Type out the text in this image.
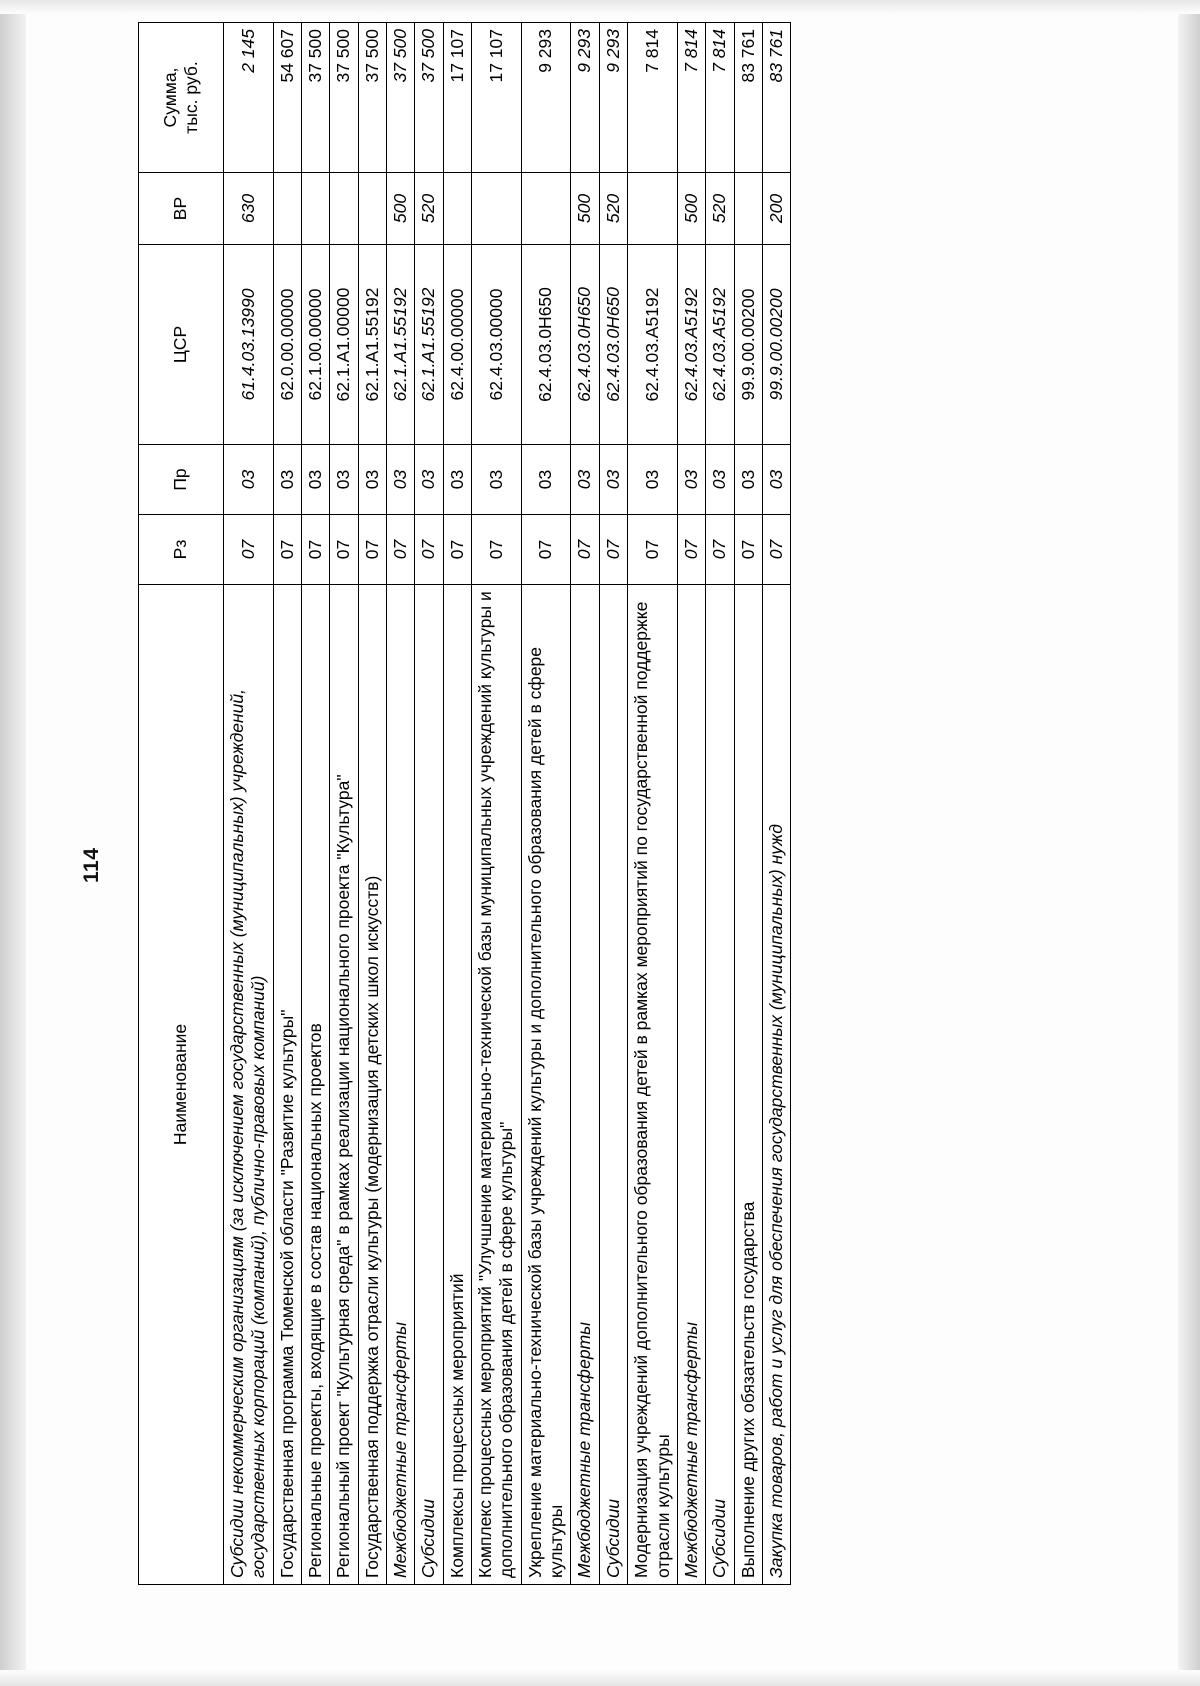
114
Наименование	Рз	Пр	ЦСР	ВР	Сумма, тыс. руб.

Субсидии некоммерческим организациям (за исключением государственных (муниципальных) учреждений, государственных корпораций (компаний), публично-правовых компаний)	07	03	61.4.03.13990	630	2 145
Государственная программа Тюменской области "Развитие культуры"	07	03	62.0.00.00000		54 607
Региональные проекты, входящие в состав национальных проектов	07	03	62.1.00.00000		37 500
Региональный проект "Культурная среда" в рамках реализации национального проекта "Культура"	07	03	62.1.A1.00000		37 500
Государственная поддержка отрасли культуры (модернизация детских школ искусств)	07	03	62.1.A1.55192		37 500
Межбюджетные трансферты	07	03	62.1.A1.55192	500	37 500
Субсидии	07	03	62.1.A1.55192	520	37 500
Комплексы процессных мероприятий	07	03	62.4.00.00000		17 107
Комплекс процессных мероприятий "Улучшение материально-технической базы муниципальных учреждений культуры и дополнительного образования детей в сфере культуры"	07	03	62.4.03.00000		17 107
Укрепление материально-технической базы учреждений культуры и дополнительного образования детей в сфере культуры	07	03	62.4.03.0H650		9 293
Межбюджетные трансферты	07	03	62.4.03.0H650	500	9 293
Субсидии	07	03	62.4.03.0H650	520	9 293
Модернизация учреждений дополнительного образования детей в рамках мероприятий по государственной поддержке отрасли культуры	07	03	62.4.03.A5192		7 814
Межбюджетные трансферты	07	03	62.4.03.A5192	500	7 814
Субсидии	07	03	62.4.03.A5192	520	7 814
Выполнение других обязательств государства	07	03	99.9.00.00200		83 761
Закупка товаров, работ и услуг для обеспечения государственных (муниципальных) нужд	07	03	99.9.00.00200	200	83 761
